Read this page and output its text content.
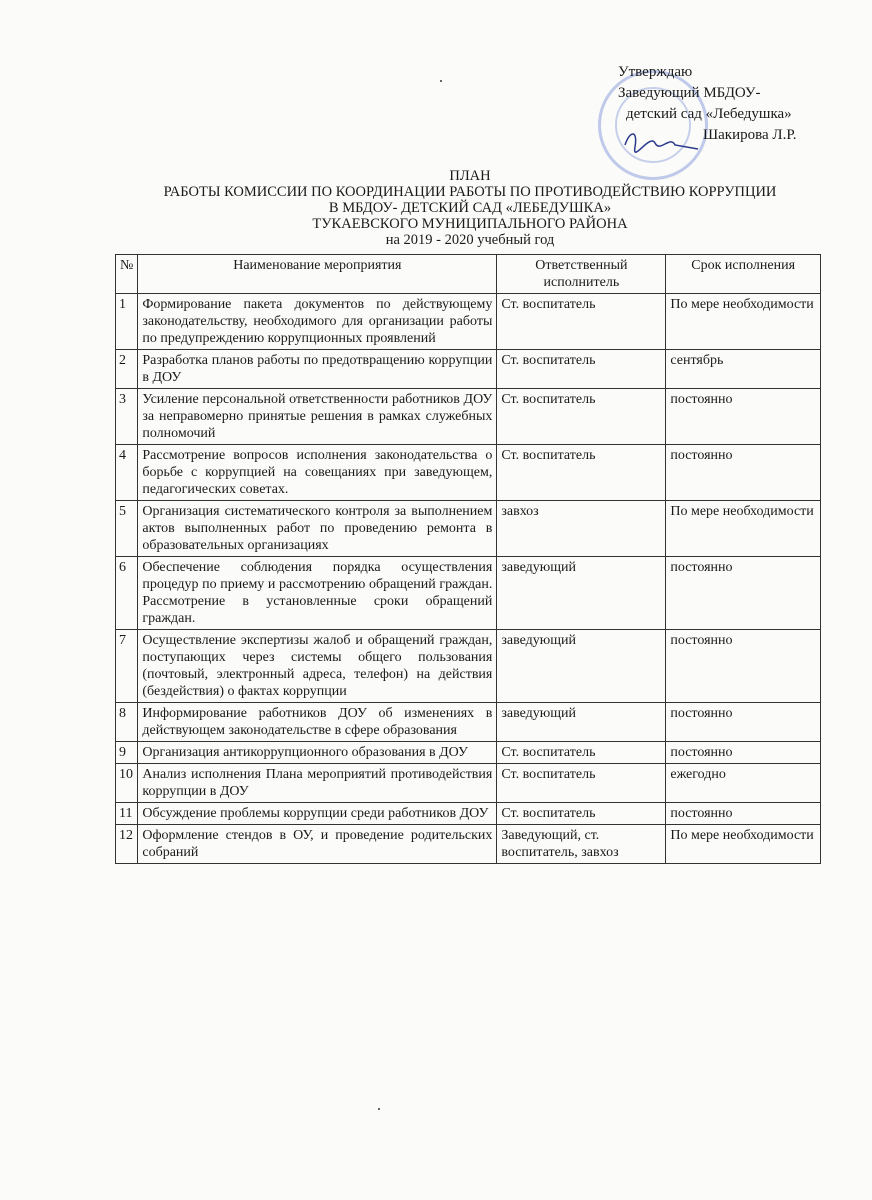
Утверждаю
Заведующий МБДОУ-
детский сад «Лебедушка»
Шакирова Л.Р.
ПЛАН
РАБОТЫ КОМИССИИ ПО КООРДИНАЦИИ РАБОТЫ ПО ПРОТИВОДЕЙСТВИЮ КОРРУПЦИИ
В МБДОУ- ДЕТСКИЙ САД «ЛЕБЕДУШКА»
ТУКАЕВСКОГО МУНИЦИПАЛЬНОГО РАЙОНА
на 2019 - 2020 учебный год
№	Наименование мероприятия	Ответственный исполнитель	Срок исполнения
1	Формирование пакета документов по действующему законодательству, необходимого для организации работы по предупреждению коррупционных проявлений	Ст. воспитатель	По мере необходимости
2	Разработка планов работы по предотвращению коррупции в ДОУ	Ст. воспитатель	сентябрь
3	Усиление персональной ответственности работников ДОУ за неправомерно принятые решения в рамках служебных полномочий	Ст. воспитатель	постоянно
4	Рассмотрение вопросов исполнения законодательства о борьбе с коррупцией на совещаниях при заведующем, педагогических советах.	Ст. воспитатель	постоянно
5	Организация систематического контроля за выполнением актов выполненных работ по проведению ремонта в образовательных организациях	завхоз	По мере необходимости
6	Обеспечение соблюдения порядка осуществления процедур по приему и рассмотрению обращений граждан. Рассмотрение в установленные сроки обращений граждан.	заведующий	постоянно
7	Осуществление экспертизы жалоб и обращений граждан, поступающих через системы общего пользования (почтовый, электронный адреса, телефон) на действия (бездействия) о фактах коррупции	заведующий	постоянно
8	Информирование работников ДОУ об изменениях в действующем законодательстве в сфере образования	заведующий	постоянно
9	Организация антикоррупционного образования в ДОУ	Ст. воспитатель	постоянно
10	Анализ исполнения Плана мероприятий противодействия коррупции в ДОУ	Ст. воспитатель	ежегодно
11	Обсуждение проблемы коррупции среди работников ДОУ	Ст. воспитатель	постоянно
12	Оформление стендов в ОУ, и проведение родительских собраний	Заведующий, ст. воспитатель, завхоз	По мере необходимости
